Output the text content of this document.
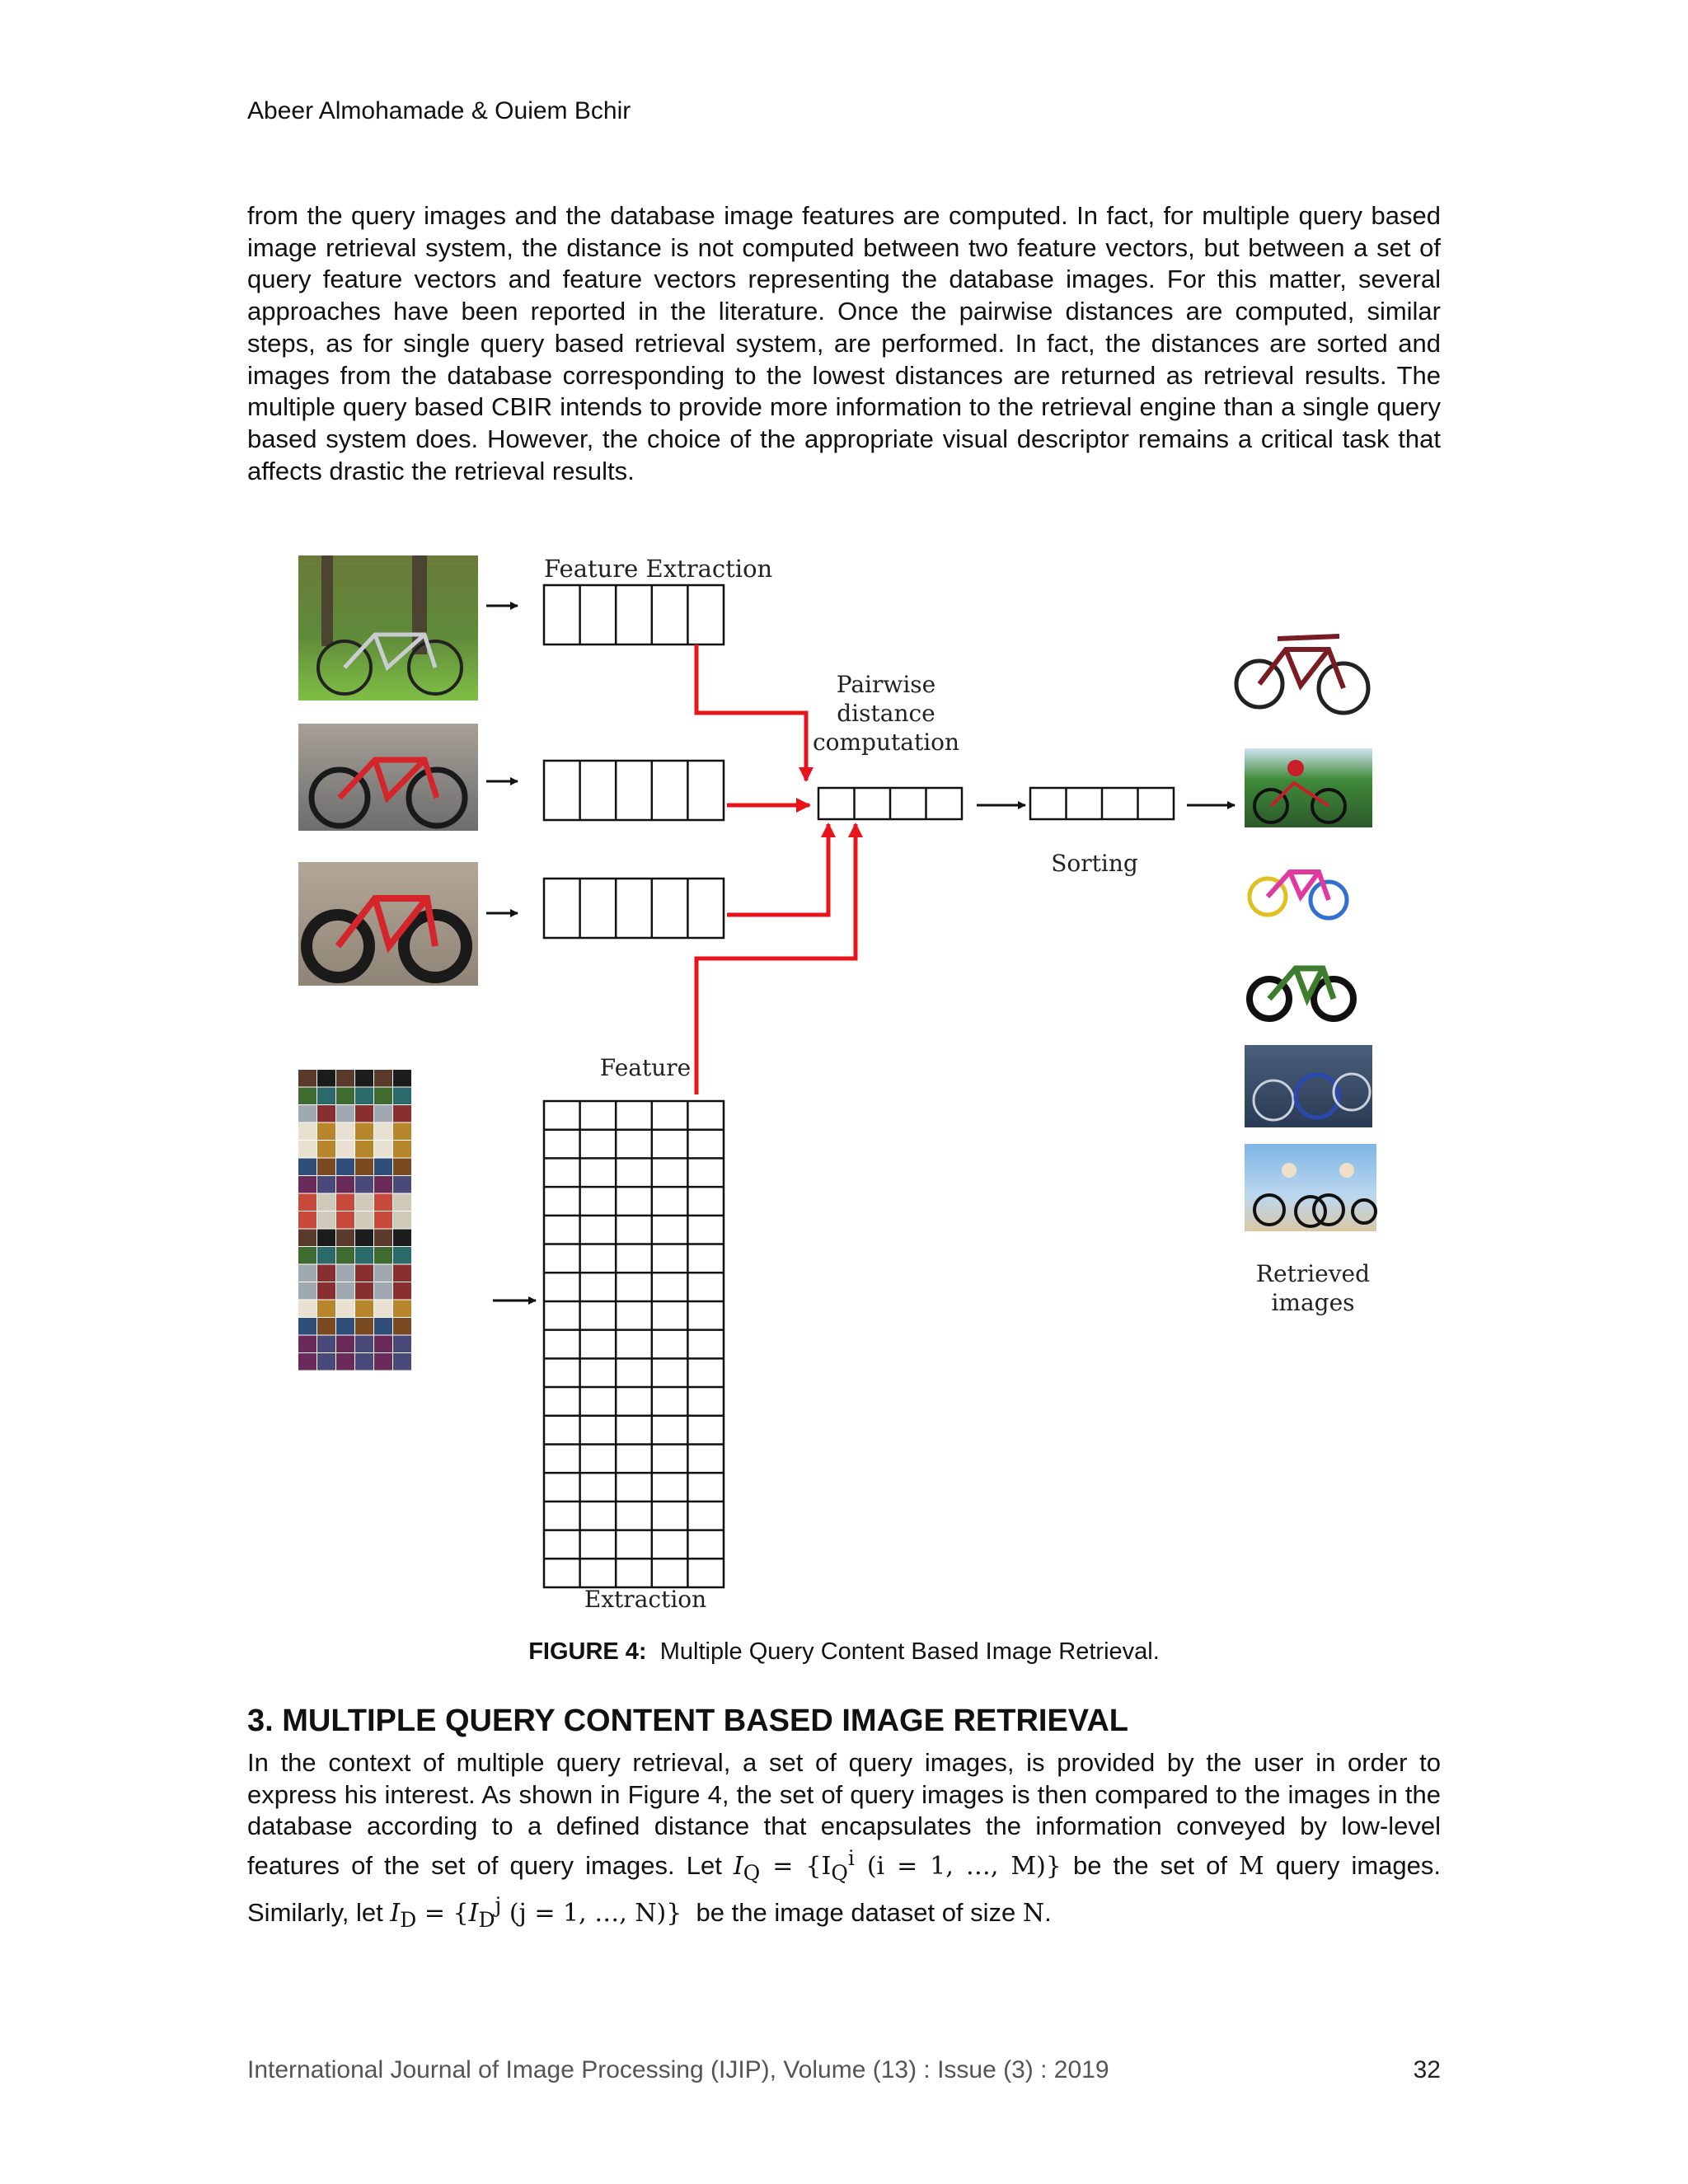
Abeer Almohamade & Ouiem Bchir

from the query images and the database image features are computed. In fact, for multiple query based image retrieval system, the distance is not computed between two feature vectors, but between a set of query feature vectors and feature vectors representing the database images. For this matter, several approaches have been reported in the literature. Once the pairwise distances are computed, similar steps, as for single query based retrieval system, are performed. In fact, the distances are sorted and images from the database corresponding to the lowest distances are returned as retrieval results. The multiple query based CBIR intends to provide more information to the retrieval engine than a single query based system does. However, the choice of the appropriate visual descriptor remains a critical task that affects drastic the retrieval results.

Feature Extraction
Pairwise
distance
computation
Sorting
Feature
Extraction
Retrieved
images
FIGURE 4: Multiple Query Content Based Image Retrieval.
3. MULTIPLE QUERY CONTENT BASED IMAGE RETRIEVAL

In the context of multiple query retrieval, a set of query images, is provided by the user in order to express his interest. As shown in Figure 4, the set of query images is then compared to the images in the database according to a defined distance that encapsulates the information conveyed by low-level features of the set of query images. Let $I_Q = \{I_Q^i$ (i = 1, …, M)} be the set of M query images. Similarly, let $I_D = \{I_D^j$ (j = 1, …, N)} be the image dataset of size N.

International Journal of Image Processing (IJIP), Volume (13) : Issue (3) : 2019	32
